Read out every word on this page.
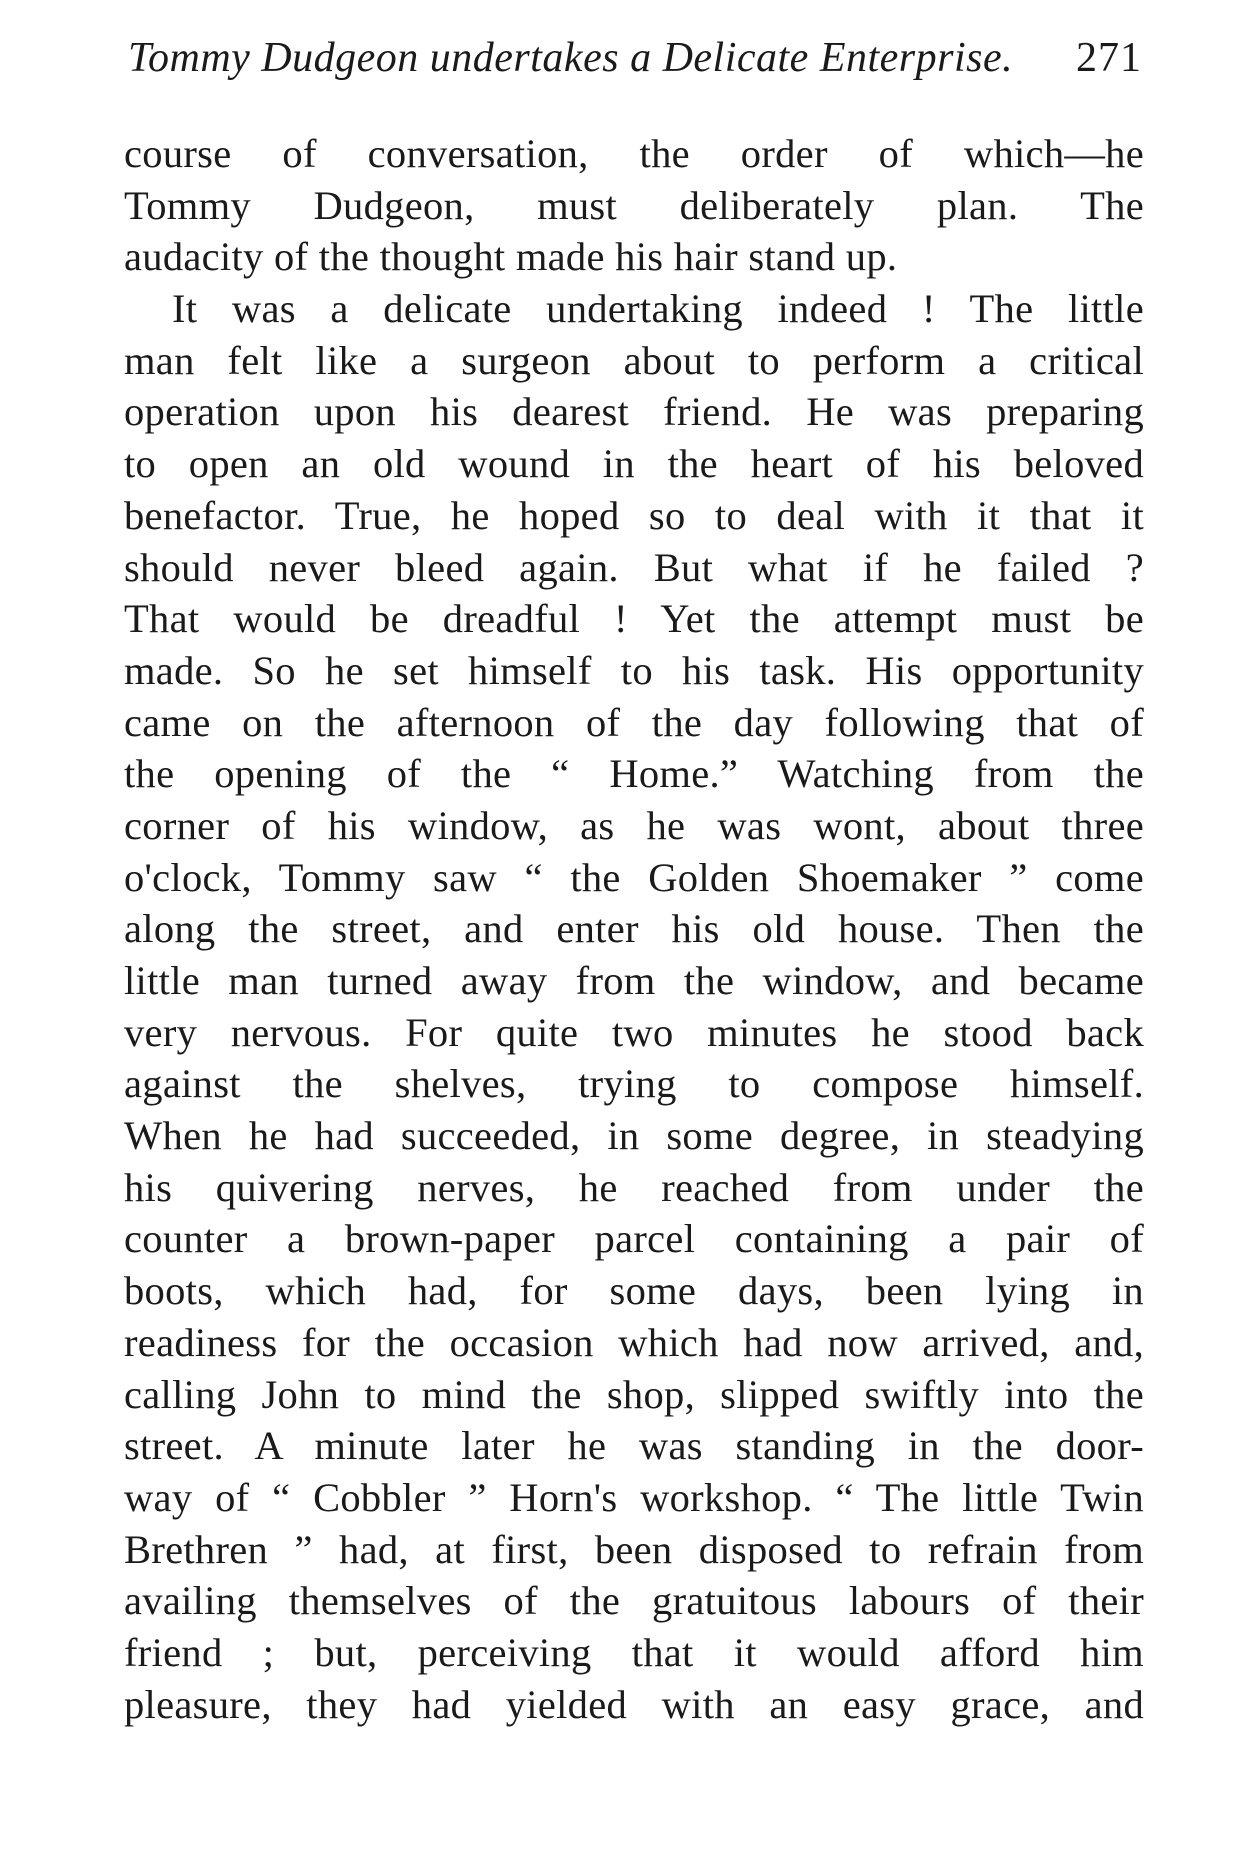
Tommy Dudgeon undertakes a Delicate Enterprise. 271
course of conversation, the order of which—he
Tommy Dudgeon, must deliberately plan. The
audacity of the thought made his hair stand up.
It was a delicate undertaking indeed ! The little
man felt like a surgeon about to perform a critical
operation upon his dearest friend. He was preparing
to open an old wound in the heart of his beloved
benefactor. True, he hoped so to deal with it that it
should never bleed again. But what if he failed ?
That would be dreadful ! Yet the attempt must be
made. So he set himself to his task. His opportunity
came on the afternoon of the day following that of
the opening of the “ Home.” Watching from the
corner of his window, as he was wont, about three
o'clock, Tommy saw “ the Golden Shoemaker ” come
along the street, and enter his old house. Then the
little man turned away from the window, and became
very nervous. For quite two minutes he stood back
against the shelves, trying to compose himself.
When he had succeeded, in some degree, in steadying
his quivering nerves, he reached from under the
counter a brown-paper parcel containing a pair of
boots, which had, for some days, been lying in
readiness for the occasion which had now arrived, and,
calling John to mind the shop, slipped swiftly into the
street. A minute later he was standing in the door-
way of “ Cobbler ” Horn's workshop. “ The little Twin
Brethren ” had, at first, been disposed to refrain from
availing themselves of the gratuitous labours of their
friend ; but, perceiving that it would afford him
pleasure, they had yielded with an easy grace, and
